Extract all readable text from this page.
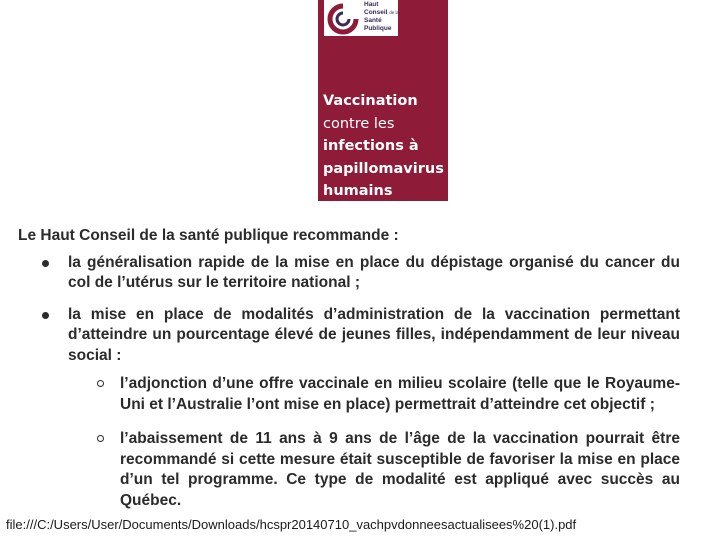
Haut
Conseil de la
Santé
Publique
Vaccination
contre les
infections à
papillomavirus
humains
Le Haut Conseil de la santé publique recommande :
la généralisation rapide de la mise en place du dépistage organisé du cancer du col de l’utérus sur le territoire national ;
la mise en place de modalités d’administration de la vaccination permettant d’atteindre un pourcentage élevé de jeunes filles, indépendamment de leur niveau social :
l’adjonction d’une offre vaccinale en milieu scolaire (telle que le Royaume-Uni et l’Australie l’ont mise en place) permettrait d’atteindre cet objectif ;
l’abaissement de 11 ans à 9 ans de l’âge de la vaccination pourrait être recommandé si cette mesure était susceptible de favoriser la mise en place d’un tel programme. Ce type de modalité est appliqué avec succès au Québec.
file:///C:/Users/User/Documents/Downloads/hcspr20140710_vachpvdonneesactualisees%20(1).pdf
